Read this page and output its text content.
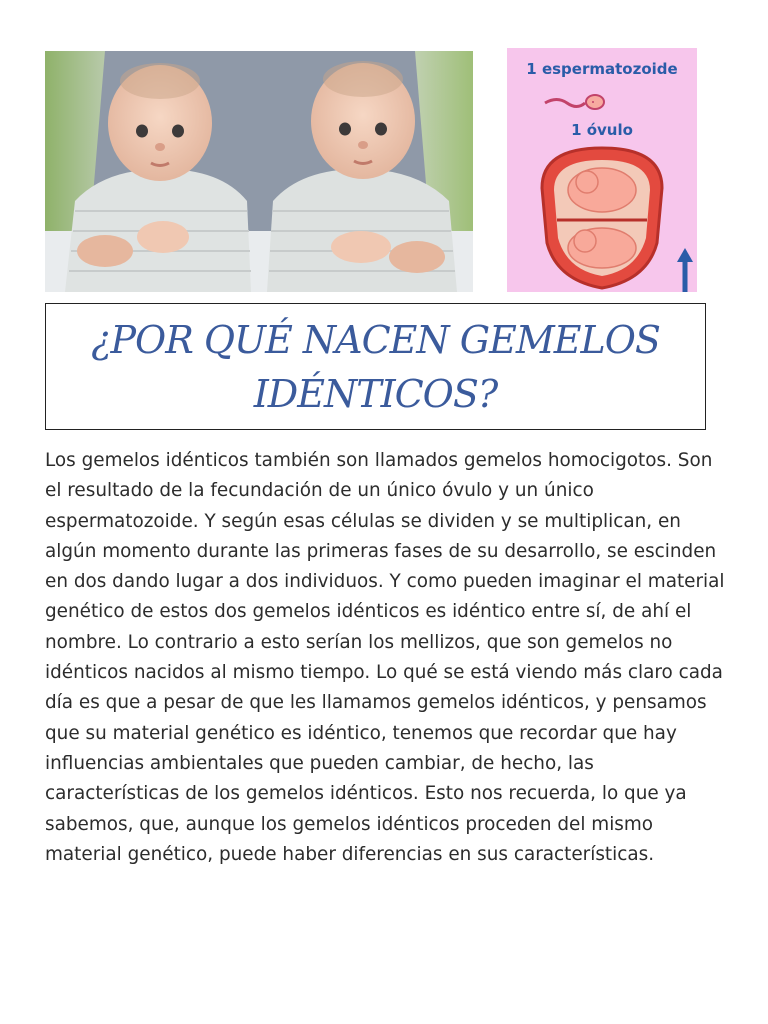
1 espermatozoide
1 óvulo
¿POR QUÉ NACEN GEMELOS IDÉNTICOS?

Los gemelos idénticos también son llamados gemelos homocigotos. Son el resultado de la fecundación de un único óvulo y un único espermatozoide. Y según esas células se dividen y se multiplican, en algún momento durante las primeras fases de su desarrollo, se escinden en dos dando lugar a dos individuos. Y como pueden imaginar el material genético de estos dos gemelos idénticos es idéntico entre sí, de ahí el nombre. Lo contrario a esto serían los mellizos, que son gemelos no idénticos nacidos al mismo tiempo. Lo qué se está viendo más claro cada día es que a pesar de que les llamamos gemelos idénticos, y pensamos que su material genético es idéntico, tenemos que recordar que hay influencias ambientales que pueden cambiar, de hecho, las características de los gemelos idénticos. Esto nos recuerda, lo que ya sabemos, que, aunque los gemelos idénticos proceden del mismo material genético, puede haber diferencias en sus características.
